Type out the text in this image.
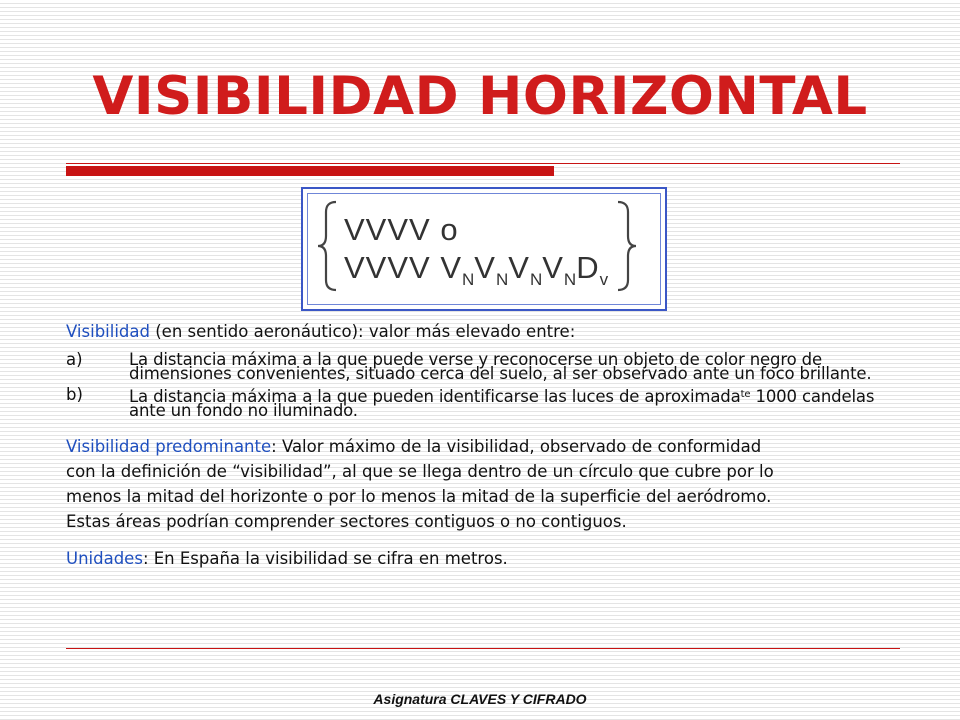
VISIBILIDAD HORIZONTAL
VVVV o
VVVV $V_NV_NV_NV_ND_v$

Visibilidad (en sentido aeronáutico): valor más elevado entre:

a)	La distancia máxima a la que puede verse y reconocerse un objeto de color negro de dimensiones convenientes, situado cerca del suelo, al ser observado ante un foco brillante.
b)	La distancia máxima a la que pueden identificarse las luces de aproximada$^{te}$ 1000 candelas ante un fondo no iluminado.
Visibilidad predominante: Valor máximo de la visibilidad, observado de conformidad
con la definición de “visibilidad”, al que se llega dentro de un círculo que cubre por lo
menos la mitad del horizonte o por lo menos la mitad de la superficie del aeródromo.
Estas áreas podrían comprender sectores contiguos o no contiguos.

Unidades: En España la visibilidad se cifra en metros.

Asignatura CLAVES Y CIFRADO
